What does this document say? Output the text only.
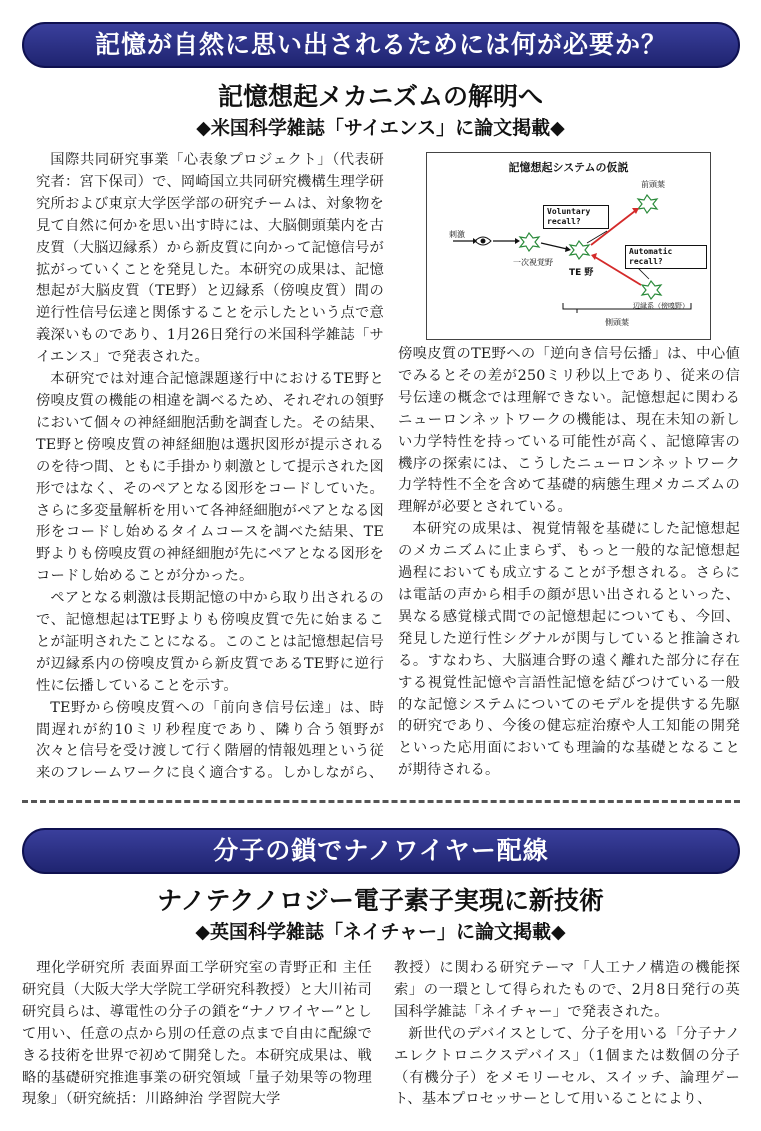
記憶が自然に思い出されるためには何が必要か？
記憶想起メカニズムの解明へ
◆米国科学雑誌「サイエンス」に論文掲載◆

国際共同研究事業「心表象プロジェクト」（代表研究者：宮下保司）で、岡崎国立共同研究機構生理学研究所および東京大学医学部の研究チームは、対象物を見て自然に何かを思い出す時には、大脳側頭葉内を古皮質（大脳辺縁系）から新皮質に向かって記憶信号が拡がっていくことを発見した。本研究の成果は、記憶想起が大脳皮質（TE野）と辺縁系（傍嗅皮質）間の逆行性信号伝達と関係することを示したという点で意義深いものであり、1月26日発行の米国科学雑誌「サイエンス」で発表された。

本研究では対連合記憶課題遂行中におけるTE野と傍嗅皮質の機能の相違を調べるため、それぞれの領野において個々の神経細胞活動を調査した。その結果、TE野と傍嗅皮質の神経細胞は選択図形が提示されるのを待つ間、ともに手掛かり刺激として提示された図形ではなく、そのペアとなる図形をコードしていた。さらに多変量解析を用いて各神経細胞がペアとなる図形をコードし始めるタイムコースを調べた結果、TE野よりも傍嗅皮質の神経細胞が先にペアとなる図形をコードし始めることが分かった。

ペアとなる刺激は長期記憶の中から取り出されるので、記憶想起はTE野よりも傍嗅皮質で先に始まることが証明されたことになる。このことは記憶想起信号が辺縁系内の傍嗅皮質から新皮質であるTE野に逆行性に伝播していることを示す。

TE野から傍嗅皮質への「前向き信号伝達」は、時間遅れが約10ミリ秒程度であり、隣り合う領野が次々と信号を受け渡して行く階層的情報処理という従来のフレームワークに良く適合する。しかしながら、

記憶想起システムの仮説
前頭葉
Voluntary recall?
Automatic recall?
刺激
一次視覚野
TE 野
辺縁系（傍嗅野）
側頭葉

傍嗅皮質のTE野への「逆向き信号伝播」は、中心値でみるとその差が250ミリ秒以上であり、従来の信号伝達の概念では理解できない。記憶想起に関わるニューロンネットワークの機能は、現在未知の新しい力学特性を持っている可能性が高く、記憶障害の機序の探索には、こうしたニューロンネットワーク力学特性不全を含めて基礎的病態生理メカニズムの理解が必要とされている。

本研究の成果は、視覚情報を基礎にした記憶想起のメカニズムに止まらず、もっと一般的な記憶想起過程においても成立することが予想される。さらには電話の声から相手の顔が思い出されるといった、異なる感覚様式間での記憶想起についても、今回、発見した逆行性シグナルが関与していると推論される。すなわち、大脳連合野の遠く離れた部分に存在する視覚性記憶や言語性記憶を結びつけている一般的な記憶システムについてのモデルを提供する先駆的研究であり、今後の健忘症治療や人工知能の開発といった応用面においても理論的な基礎となることが期待される。

分子の鎖でナノワイヤー配線
ナノテクノロジー電子素子実現に新技術
◆英国科学雑誌「ネイチャー」に論文掲載◆

理化学研究所 表面界面工学研究室の青野正和 主任研究員（大阪大学大学院工学研究科教授）と大川祐司 研究員らは、導電性の分子の鎖を“ナノワイヤー”として用い、任意の点から別の任意の点まで自由に配線できる技術を世界で初めて開発した。本研究成果は、戦略的基礎研究推進事業の研究領域「量子効果等の物理現象」（研究統括：川路紳治 学習院大学

教授）に関わる研究テーマ「人工ナノ構造の機能探索」の一環として得られたもので、2月8日発行の英国科学雑誌「ネイチャー」で発表された。

新世代のデバイスとして、分子を用いる「分子ナノエレクトロニクスデバイス」（1個または数個の分子（有機分子）をメモリーセル、スイッチ、論理ゲート、基本プロセッサーとして用いることにより、
